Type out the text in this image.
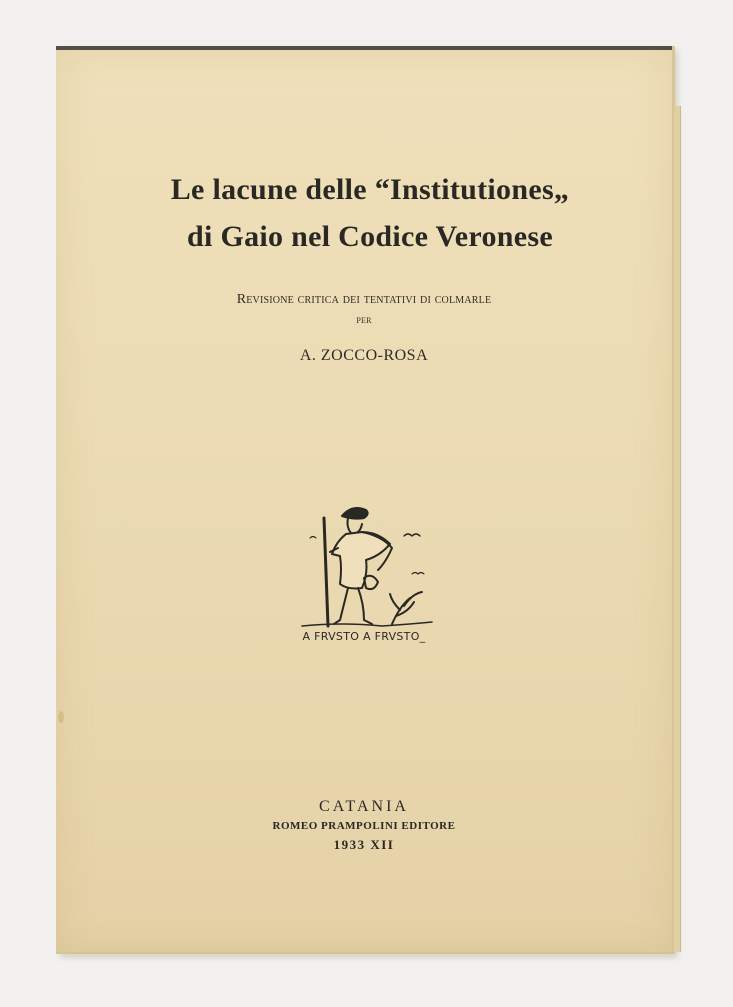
Le lacune delle “Institutiones„
di Gaio nel Codice Veronese
Revisione critica dei tentativi di colmarle
per
A. ZOCCO-ROSA
A FRVSTO A FRVSTO_
CATANIA
ROMEO PRAMPOLINI EDITORE
1933 XII
